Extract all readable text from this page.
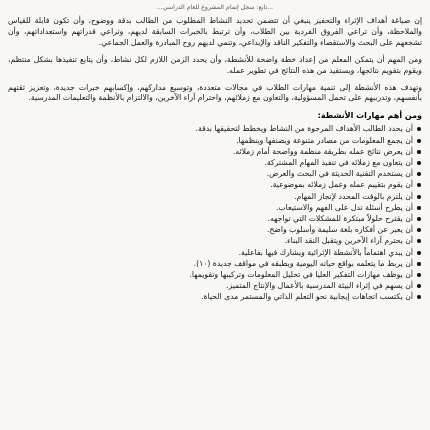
...تابع: سجل إتمام المشروع للعام الدراسي...

إن صياغة أهداف الإثراء والتحفيز ينبغي أن تتضمن تحديد النشاط المطلوب من الطالب بدقة ووضوح، وأن تكون قابلة للقياس والملاحظة، وأن تراعي الفروق الفردية بين الطلاب، وأن ترتبط بالخبرات السابقة لديهم، وتراعي قدراتهم واستعداداتهم، وأن تشجعهم على البحث والاستقصاء والتفكير الناقد والإبداعي، وتنمي لديهم روح المبادرة والعمل الجماعي.

ومن المهم أن يتمكن المعلم من إعداد خطة واضحة للأنشطة، وأن يحدد الزمن اللازم لكل نشاط، وأن يتابع تنفيذها بشكل منتظم، ويقوم بتقويم نتائجها، ويستفيد من هذه النتائج في تطوير عمله.

وتهدف هذه الأنشطة إلى تنمية مهارات الطلاب في مجالات متعددة، وتوسيع مداركهم، وإكسابهم خبرات جديدة، وتعزيز ثقتهم بأنفسهم، وتدريبهم على تحمل المسؤولية، والتعاون مع زملائهم، واحترام آراء الآخرين، والالتزام بالأنظمة والتعليمات المدرسية.

ومن أهم مهارات الأنشطة:
أن يحدد الطالب الأهداف المرجوة من النشاط ويخطط لتحقيقها بدقة.
أن يجمع المعلومات من مصادر متنوعة ويصنفها وينظمها.
أن يعرض نتائج عمله بطريقة منظمة وواضحة أمام زملائه.
أن يتعاون مع زملائه في تنفيذ المهام المشتركة.
أن يستخدم التقنية الحديثة في البحث والعرض.
أن يقوم بتقييم عمله وعمل زملائه بموضوعية.
أن يلتزم بالوقت المحدد لإنجاز المهام.
أن يطرح أسئلة تدل على الفهم والاستيعاب.
أن يقترح حلولاً مبتكرة للمشكلات التي تواجهه.
أن يعبر عن أفكاره بلغة سليمة وأسلوب واضح.
أن يحترم آراء الآخرين ويتقبل النقد البناء.
أن يبدي اهتماماً بالأنشطة الإثرائية ويشارك فيها بفاعلية.
أن يربط ما يتعلمه بواقع حياته اليومية ويطبقه في مواقف جديدة (١٠).
أن يوظف مهارات التفكير العليا في تحليل المعلومات وتركيبها وتقويمها.
أن يسهم في إثراء البيئة المدرسية بالأعمال والإنتاج المتميز.
أن يكتسب اتجاهات إيجابية نحو التعلم الذاتي والمستمر مدى الحياة.
